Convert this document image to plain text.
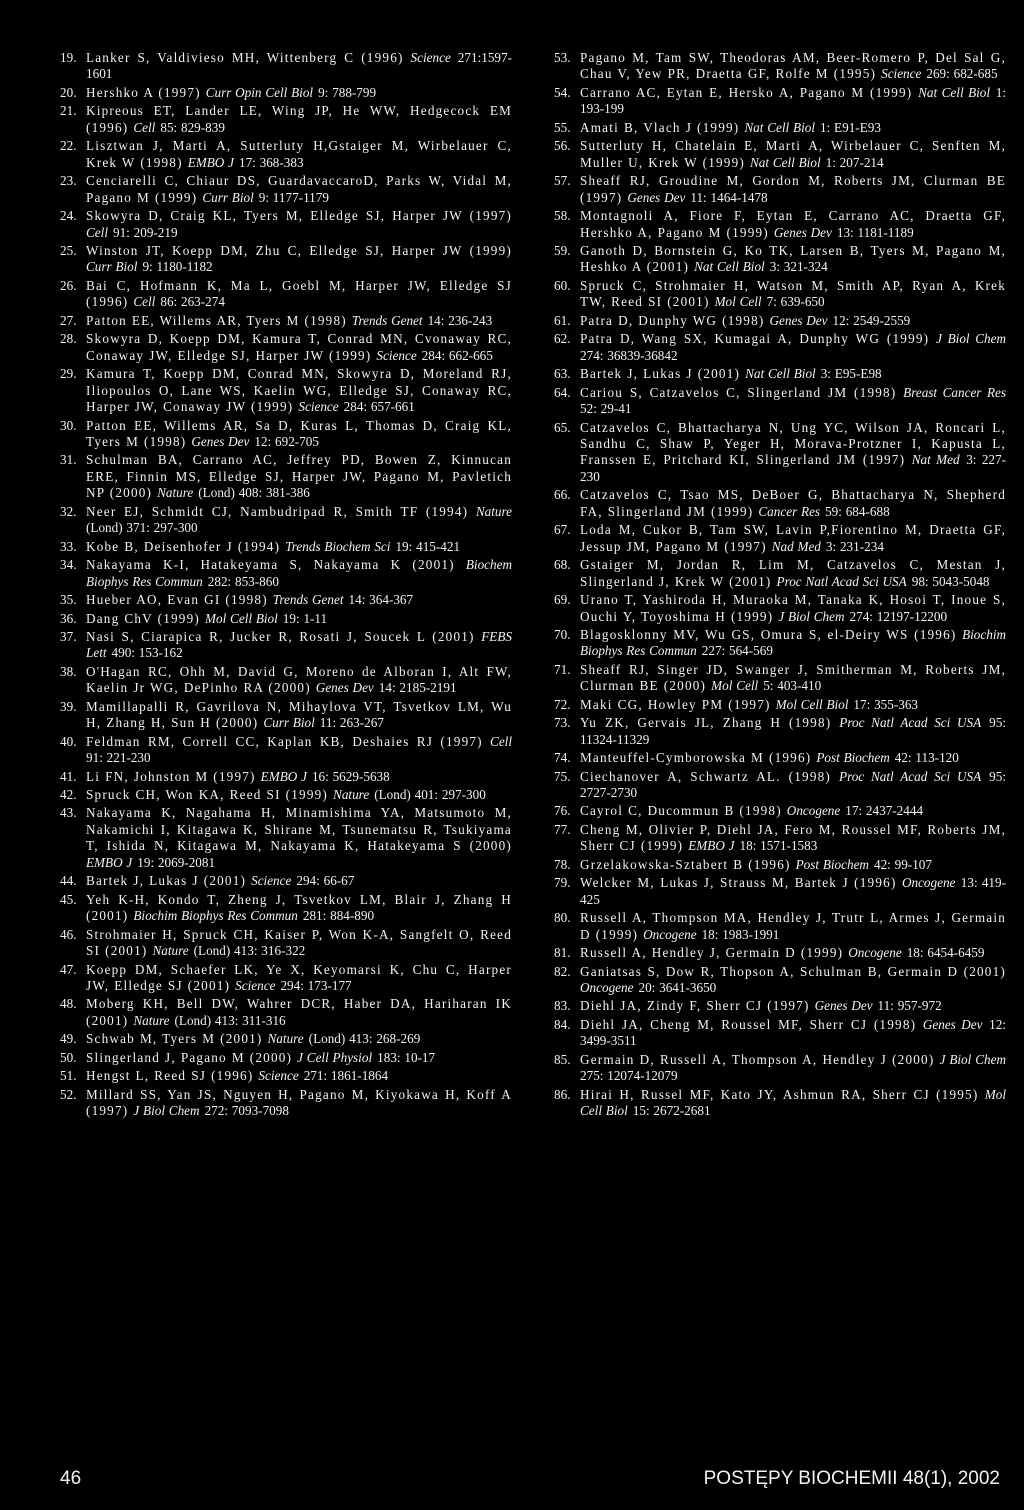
19. Lanker S, Valdivieso MH, Wittenberg C (1996) Science 271:1597-1601

20. Hershko A (1997) Curr Opin Cell Biol 9: 788-799

21. Kipreous ET, Lander LE, Wing JP, He WW, Hedgecock EM (1996) Cell 85: 829-839

22. Lisztwan J, Marti A, Sutterluty H,Gstaiger M, Wirbelauer C, Krek W (1998) EMBO J 17: 368-383

23. Cenciarelli C, Chiaur DS, GuardavaccaroD, Parks W, Vidal M, Pagano M (1999) Curr Biol 9: 1177-1179

24. Skowyra D, Craig KL, Tyers M, Elledge SJ, Harper JW (1997) Cell 91: 209-219

25. Winston JT, Koepp DM, Zhu C, Elledge SJ, Harper JW (1999) Curr Biol 9: 1180-1182

26. Bai C, Hofmann K, Ma L, Goebl M, Harper JW, Elledge SJ (1996) Cell 86: 263-274

27. Patton EE, Willems AR, Tyers M (1998) Trends Genet 14: 236-243

28. Skowyra D, Koepp DM, Kamura T, Conrad MN, Cvonaway RC, Conaway JW, Elledge SJ, Harper JW (1999) Science 284: 662-665

29. Kamura T, Koepp DM, Conrad MN, Skowyra D, Moreland RJ, Iliopoulos O, Lane WS, Kaelin WG, Elledge SJ, Conaway RC, Harper JW, Conaway JW (1999) Science 284: 657-661

30. Patton EE, Willems AR, Sa D, Kuras L, Thomas D, Craig KL, Tyers M (1998) Genes Dev 12: 692-705

31. Schulman BA, Carrano AC, Jeffrey PD, Bowen Z, Kinnucan ERE, Finnin MS, Elledge SJ, Harper JW, Pagano M, Pavletich NP (2000) Nature (Lond) 408: 381-386

32. Neer EJ, Schmidt CJ, Nambudripad R, Smith TF (1994) Nature (Lond) 371: 297-300

33. Kobe B, Deisenhofer J (1994) Trends Biochem Sci 19: 415-421

34. Nakayama K-I, Hatakeyama S, Nakayama K (2001) Biochem Biophys Res Commun 282: 853-860

35. Hueber AO, Evan GI (1998) Trends Genet 14: 364-367

36. Dang ChV (1999) Mol Cell Biol 19: 1-11

37. Nasi S, Ciarapica R, Jucker R, Rosati J, Soucek L (2001) FEBS Lett 490: 153-162

38. O'Hagan RC, Ohh M, David G, Moreno de Alboran I, Alt FW, Kaelin Jr WG, DePinho RA (2000) Genes Dev 14: 2185-2191

39. Mamillapalli R, Gavrilova N, Mihaylova VT, Tsvetkov LM, Wu H, Zhang H, Sun H (2000) Curr Biol 11: 263-267

40. Feldman RM, Correll CC, Kaplan KB, Deshaies RJ (1997) Cell 91: 221-230

41. Li FN, Johnston M (1997) EMBO J 16: 5629-5638

42. Spruck CH, Won KA, Reed SI (1999) Nature (Lond) 401: 297-300

43. Nakayama K, Nagahama H, Minamishima YA, Matsumoto M, Nakamichi I, Kitagawa K, Shirane M, Tsunematsu R, Tsukiyama T, Ishida N, Kitagawa M, Nakayama K, Hatakeyama S (2000) EMBO J 19: 2069-2081

44. Bartek J, Lukas J (2001) Science 294: 66-67

45. Yeh K-H, Kondo T, Zheng J, Tsvetkov LM, Blair J, Zhang H (2001) Biochim Biophys Res Commun 281: 884-890

46. Strohmaier H, Spruck CH, Kaiser P, Won K-A, Sangfelt O, Reed SI (2001) Nature (Lond) 413: 316-322

47. Koepp DM, Schaefer LK, Ye X, Keyomarsi K, Chu C, Harper JW, Elledge SJ (2001) Science 294: 173-177

48. Moberg KH, Bell DW, Wahrer DCR, Haber DA, Hariharan IK (2001) Nature (Lond) 413: 311-316

49. Schwab M, Tyers M (2001) Nature (Lond) 413: 268-269

50. Slingerland J, Pagano M (2000) J Cell Physiol 183: 10-17

51. Hengst L, Reed SJ (1996) Science 271: 1861-1864

52. Millard SS, Yan JS, Nguyen H, Pagano M, Kiyokawa H, Koff A (1997) J Biol Chem 272: 7093-7098

53. Pagano M, Tam SW, Theodoras AM, Beer-Romero P, Del Sal G, Chau V, Yew PR, Draetta GF, Rolfe M (1995) Science 269: 682-685

54. Carrano AC, Eytan E, Hersko A, Pagano M (1999) Nat Cell Biol 1: 193-199

55. Amati B, Vlach J (1999) Nat Cell Biol 1: E91-E93

56. Sutterluty H, Chatelain E, Marti A, Wirbelauer C, Senften M, Muller U, Krek W (1999) Nat Cell Biol 1: 207-214

57. Sheaff RJ, Groudine M, Gordon M, Roberts JM, Clurman BE (1997) Genes Dev 11: 1464-1478

58. Montagnoli A, Fiore F, Eytan E, Carrano AC, Draetta GF, Hershko A, Pagano M (1999) Genes Dev 13: 1181-1189

59. Ganoth D, Bornstein G, Ko TK, Larsen B, Tyers M, Pagano M, Heshko A (2001) Nat Cell Biol 3: 321-324

60. Spruck C, Strohmaier H, Watson M, Smith AP, Ryan A, Krek TW, Reed SI (2001) Mol Cell 7: 639-650

61. Patra D, Dunphy WG (1998) Genes Dev 12: 2549-2559

62. Patra D, Wang SX, Kumagai A, Dunphy WG (1999) J Biol Chem 274: 36839-36842

63. Bartek J, Lukas J (2001) Nat Cell Biol 3: E95-E98

64. Cariou S, Catzavelos C, Slingerland JM (1998) Breast Cancer Res 52: 29-41

65. Catzavelos C, Bhattacharya N, Ung YC, Wilson JA, Roncari L, Sandhu C, Shaw P, Yeger H, Morava-Protzner I, Kapusta L, Franssen E, Pritchard KI, Slingerland JM (1997) Nat Med 3: 227-230

66. Catzavelos C, Tsao MS, DeBoer G, Bhattacharya N, Shepherd FA, Slingerland JM (1999) Cancer Res 59: 684-688

67. Loda M, Cukor B, Tam SW, Lavin P,Fiorentino M, Draetta GF, Jessup JM, Pagano M (1997) Nad Med 3: 231-234

68. Gstaiger M, Jordan R, Lim M, Catzavelos C, Mestan J, Slingerland J, Krek W (2001) Proc Natl Acad Sci USA 98: 5043-5048

69. Urano T, Yashiroda H, Muraoka M, Tanaka K, Hosoi T, Inoue S, Ouchi Y, Toyoshima H (1999) J Biol Chem 274: 12197-12200

70. Blagosklonny MV, Wu GS, Omura S, el-Deiry WS (1996) Biochim Biophys Res Commun 227: 564-569

71. Sheaff RJ, Singer JD, Swanger J, Smitherman M, Roberts JM, Clurman BE (2000) Mol Cell 5: 403-410

72. Maki CG, Howley PM (1997) Mol Cell Biol 17: 355-363

73. Yu ZK, Gervais JL, Zhang H (1998) Proc Natl Acad Sci USA 95: 11324-11329

74. Manteuffel-Cymborowska M (1996) Post Biochem 42: 113-120

75. Ciechanover A, Schwartz AL. (1998) Proc Natl Acad Sci USA 95: 2727-2730

76. Cayrol C, Ducommun B (1998) Oncogene 17: 2437-2444

77. Cheng M, Olivier P, Diehl JA, Fero M, Roussel MF, Roberts JM, Sherr CJ (1999) EMBO J 18: 1571-1583

78. Grzelakowska-Sztabert B (1996) Post Biochem 42: 99-107

79. Welcker M, Lukas J, Strauss M, Bartek J (1996) Oncogene 13: 419-425

80. Russell A, Thompson MA, Hendley J, Trutr L, Armes J, Germain D (1999) Oncogene 18: 1983-1991

81. Russell A, Hendley J, Germain D (1999) Oncogene 18: 6454-6459

82. Ganiatsas S, Dow R, Thopson A, Schulman B, Germain D (2001) Oncogene 20: 3641-3650

83. Diehl JA, Zindy F, Sherr CJ (1997) Genes Dev 11: 957-972

84. Diehl JA, Cheng M, Roussel MF, Sherr CJ (1998) Genes Dev 12: 3499-3511

85. Germain D, Russell A, Thompson A, Hendley J (2000) J Biol Chem 275: 12074-12079

86. Hirai H, Russel MF, Kato JY, Ashmun RA, Sherr CJ (1995) Mol Cell Biol 15: 2672-2681

46	POSTĘPY BIOCHEMII 48(1), 2002
